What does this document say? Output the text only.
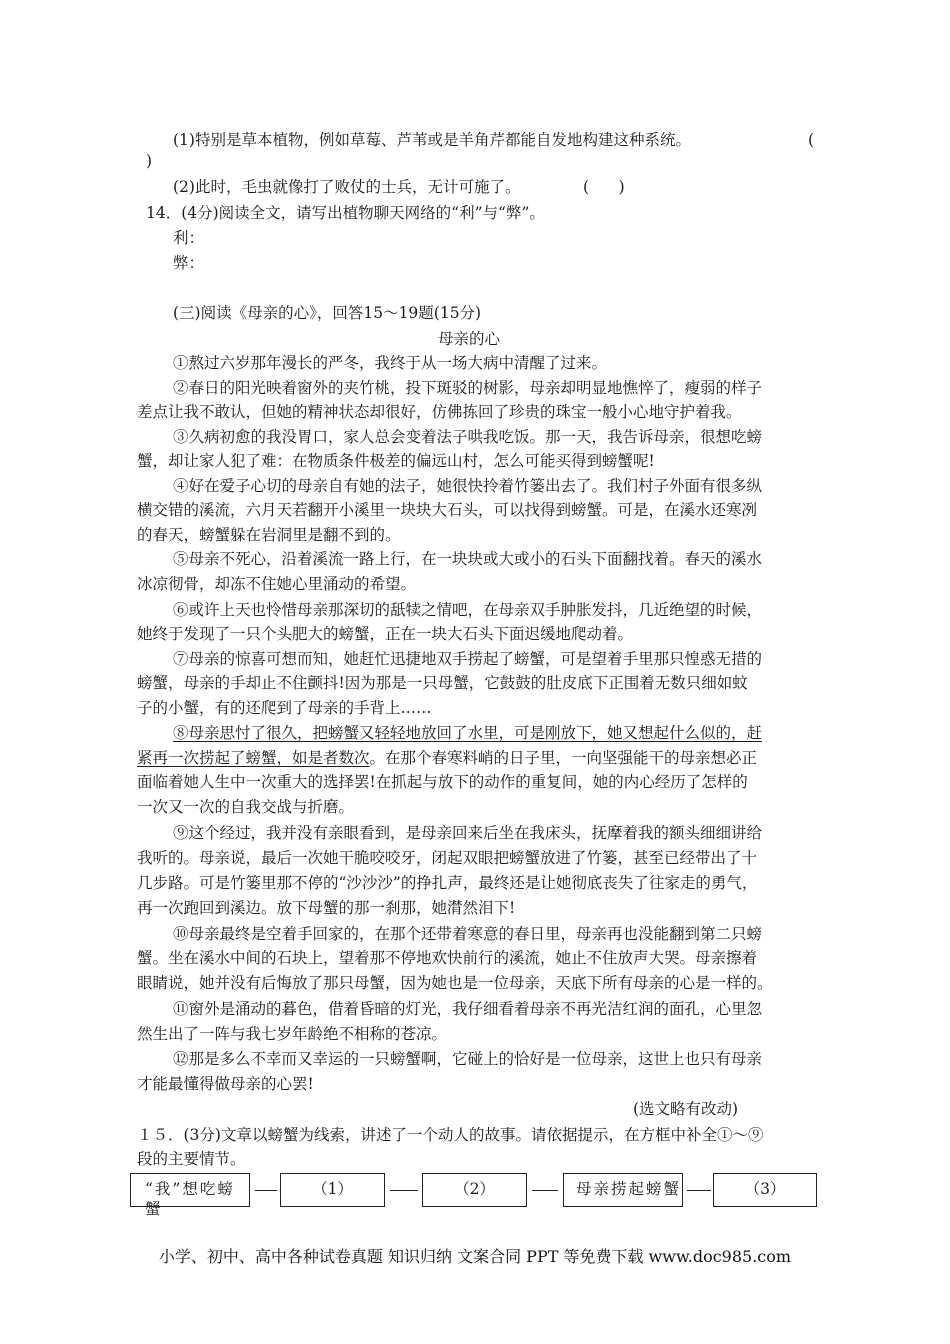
(1)特别是草本植物，例如草莓、芦苇或是羊角芹都能自发地构建这种系统。	(
)
(2)此时，毛虫就像打了败仗的士兵，无计可施了。	(      )
14．(4分)阅读全文，请写出植物聊天网络的“利”与“弊”。
利：
弊：
(三)阅读《母亲的心》，回答15～19题(15分)
母亲的心
①熬过六岁那年漫长的严冬，我终于从一场大病中清醒了过来。
②春日的阳光映着窗外的夹竹桃，投下斑驳的树影，母亲却明显地憔悴了，瘦弱的样子
差点让我不敢认，但她的精神状态却很好，仿佛拣回了珍贵的珠宝一般小心地守护着我。
③久病初愈的我没胃口，家人总会变着法子哄我吃饭。那一天，我告诉母亲，很想吃螃
蟹，却让家人犯了难：在物质条件极差的偏远山村，怎么可能买得到螃蟹呢!
④好在爱子心切的母亲自有她的法子，她很快拎着竹篓出去了。我们村子外面有很多纵
横交错的溪流，六月天若翻开小溪里一块块大石头，可以找得到螃蟹。可是，在溪水还寒冽
的春天，螃蟹躲在岩洞里是翻不到的。
⑤母亲不死心，沿着溪流一路上行，在一块块或大或小的石头下面翻找着。春天的溪水
冰凉彻骨，却冻不住她心里涌动的希望。
⑥或许上天也怜惜母亲那深切的舐犊之情吧，在母亲双手肿胀发抖，几近绝望的时候，
她终于发现了一只个头肥大的螃蟹，正在一块大石头下面迟缓地爬动着。
⑦母亲的惊喜可想而知，她赶忙迅捷地双手捞起了螃蟹，可是望着手里那只惶惑无措的
螃蟹，母亲的手却止不住颤抖!因为那是一只母蟹，它鼓鼓的肚皮底下正围着无数只细如蚊
子的小蟹，有的还爬到了母亲的手背上……
⑧母亲思忖了很久，把螃蟹又轻轻地放回了水里，可是刚放下，她又想起什么似的，赶
紧再一次捞起了螃蟹，如是者数次。在那个春寒料峭的日子里，一向坚强能干的母亲想必正
面临着她人生中一次重大的选择罢!在抓起与放下的动作的重复间，她的内心经历了怎样的
一次又一次的自我交战与折磨。
⑨这个经过，我并没有亲眼看到，是母亲回来后坐在我床头，抚摩着我的额头细细讲给
我听的。母亲说，最后一次她干脆咬咬牙，闭起双眼把螃蟹放进了竹篓，甚至已经带出了十
几步路。可是竹篓里那不停的“沙沙沙”的挣扎声，最终还是让她彻底丧失了往家走的勇气，
再一次跑回到溪边。放下母蟹的那一刹那，她潸然泪下!
⑩母亲最终是空着手回家的，在那个还带着寒意的春日里，母亲再也没能翻到第二只螃
蟹。坐在溪水中间的石块上，望着那不停地欢快前行的溪流，她止不住放声大哭。母亲擦着
眼睛说，她并没有后悔放了那只母蟹，因为她也是一位母亲，天底下所有母亲的心是一样的。
⑪窗外是涌动的暮色，借着昏暗的灯光，我仔细看着母亲不再光洁红润的面孔，心里忽
然生出了一阵与我七岁年龄绝不相称的苍凉。
⑫那是多么不幸而又幸运的一只螃蟹啊，它碰上的恰好是一位母亲，这世上也只有母亲
才能最懂得做母亲的心罢!
(选文略有改动)
１５．(3分)文章以螃蟹为线索，讲述了一个动人的故事。请依据提示，在方框中补全①～⑨
段的主要情节。
“我”想吃螃蟹
（1）	（2）	母亲捞起螃蟹	（3）
小学、初中、高中各种试卷真题 知识归纳 文案合同 PPT 等免费下载 www.doc985.com
